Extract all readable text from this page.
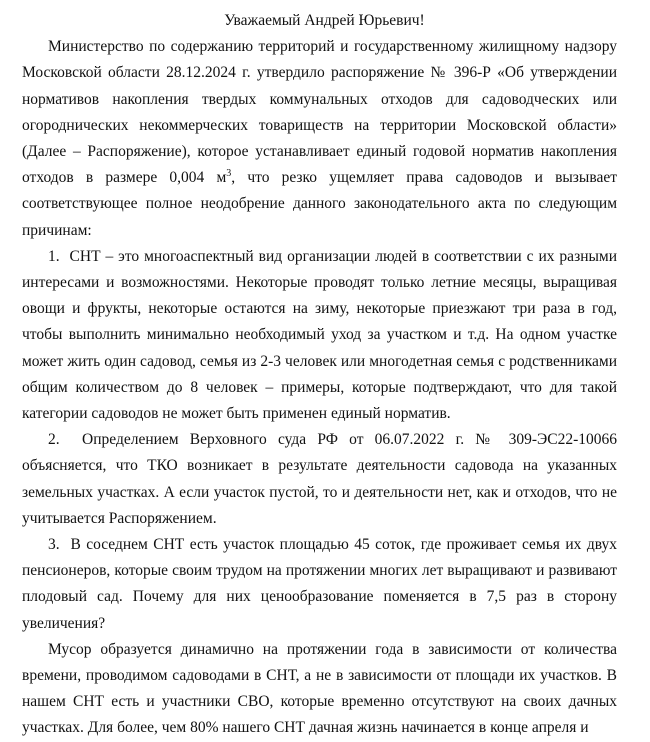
Уважаемый Андрей Юрьевич!

Министерство по содержанию территорий и государственному жилищному надзору Московской области 28.12.2024 г. утвердило распоряжение № 396-Р «Об утверждении нормативов накопления твердых коммунальных отходов для садоводческих или огороднических некоммерческих товариществ на территории Московской области» (Далее – Распоряжение), которое устанавливает единый годовой норматив накопления отходов в размере 0,004 $м^3$, что резко ущемляет права садоводов и вызывает соответствующее полное неодобрение данного законодательного акта по следующим причинам:

1. СНТ – это многоаспектный вид организации людей в соответствии с их разными интересами и возможностями. Некоторые проводят только летние месяцы, выращивая овощи и фрукты, некоторые остаются на зиму, некоторые приезжают три раза в год, чтобы выполнить минимально необходимый уход за участком и т.д. На одном участке может жить один садовод, семья из 2-3 человек или многодетная семья с родственниками общим количеством до 8 человек – примеры, которые подтверждают, что для такой категории садоводов не может быть применен единый норматив.

2. Определением Верховного суда РФ от 06.07.2022 г. № 309-ЭС22-10066 объясняется, что ТКО возникает в результате деятельности садовода на указанных земельных участках. А если участок пустой, то и деятельности нет, как и отходов, что не учитывается Распоряжением.

3. В соседнем СНТ есть участок площадью 45 соток, где проживает семья их двух пенсионеров, которые своим трудом на протяжении многих лет выращивают и развивают плодовый сад. Почему для них ценообразование поменяется в 7,5 раз в сторону увеличения?

Мусор образуется динамично на протяжении года в зависимости от количества времени, проводимом садоводами в СНТ, а не в зависимости от площади их участков. В нашем СНТ есть и участники СВО, которые временно отсутствуют на своих дачных участках. Для более, чем 80% нашего СНТ дачная жизнь начинается в конце апреля и
